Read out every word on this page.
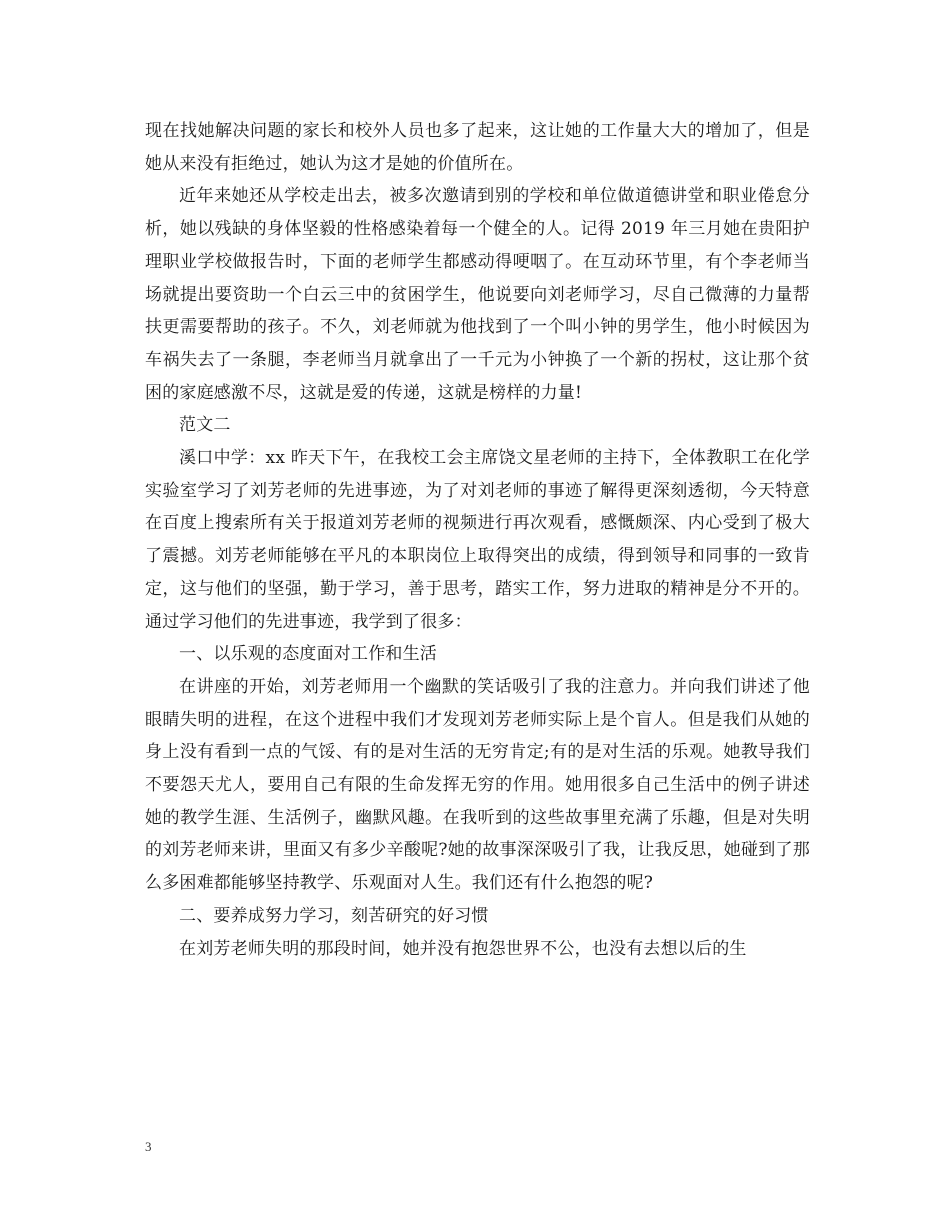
现在找她解决问题的家长和校外人员也多了起来，这让她的工作量大大的增加了，但是她从来没有拒绝过，她认为这才是她的价值所在。

近年来她还从学校走出去，被多次邀请到别的学校和单位做道德讲堂和职业倦怠分析，她以残缺的身体坚毅的性格感染着每一个健全的人。记得 2019 年三月她在贵阳护理职业学校做报告时，下面的老师学生都感动得哽咽了。在互动环节里，有个李老师当场就提出要资助一个白云三中的贫困学生，他说要向刘老师学习，尽自己微薄的力量帮扶更需要帮助的孩子。不久，刘老师就为他找到了一个叫小钟的男学生，他小时候因为车祸失去了一条腿，李老师当月就拿出了一千元为小钟换了一个新的拐杖，这让那个贫困的家庭感激不尽，这就是爱的传递，这就是榜样的力量!

范文二

溪口中学：xx 昨天下午，在我校工会主席饶文星老师的主持下，全体教职工在化学实验室学习了刘芳老师的先进事迹，为了对刘老师的事迹了解得更深刻透彻，今天特意在百度上搜索所有关于报道刘芳老师的视频进行再次观看，感慨颇深、内心受到了极大了震撼。刘芳老师能够在平凡的本职岗位上取得突出的成绩，得到领导和同事的一致肯定，这与他们的坚强，勤于学习，善于思考，踏实工作，努力进取的精神是分不开的。通过学习他们的先进事迹，我学到了很多：

一、以乐观的态度面对工作和生活

在讲座的开始，刘芳老师用一个幽默的笑话吸引了我的注意力。并向我们讲述了他眼睛失明的进程，在这个进程中我们才发现刘芳老师实际上是个盲人。但是我们从她的身上没有看到一点的气馁、有的是对生活的无穷肯定;有的是对生活的乐观。她教导我们不要怨天尤人，要用自己有限的生命发挥无穷的作用。她用很多自己生活中的例子讲述她的教学生涯、生活例子，幽默风趣。在我听到的这些故事里充满了乐趣，但是对失明的刘芳老师来讲，里面又有多少辛酸呢?她的故事深深吸引了我，让我反思，她碰到了那么多困难都能够坚持教学、乐观面对人生。我们还有什么抱怨的呢?

二、要养成努力学习，刻苦研究的好习惯

在刘芳老师失明的那段时间，她并没有抱怨世界不公，也没有去想以后的生

3
